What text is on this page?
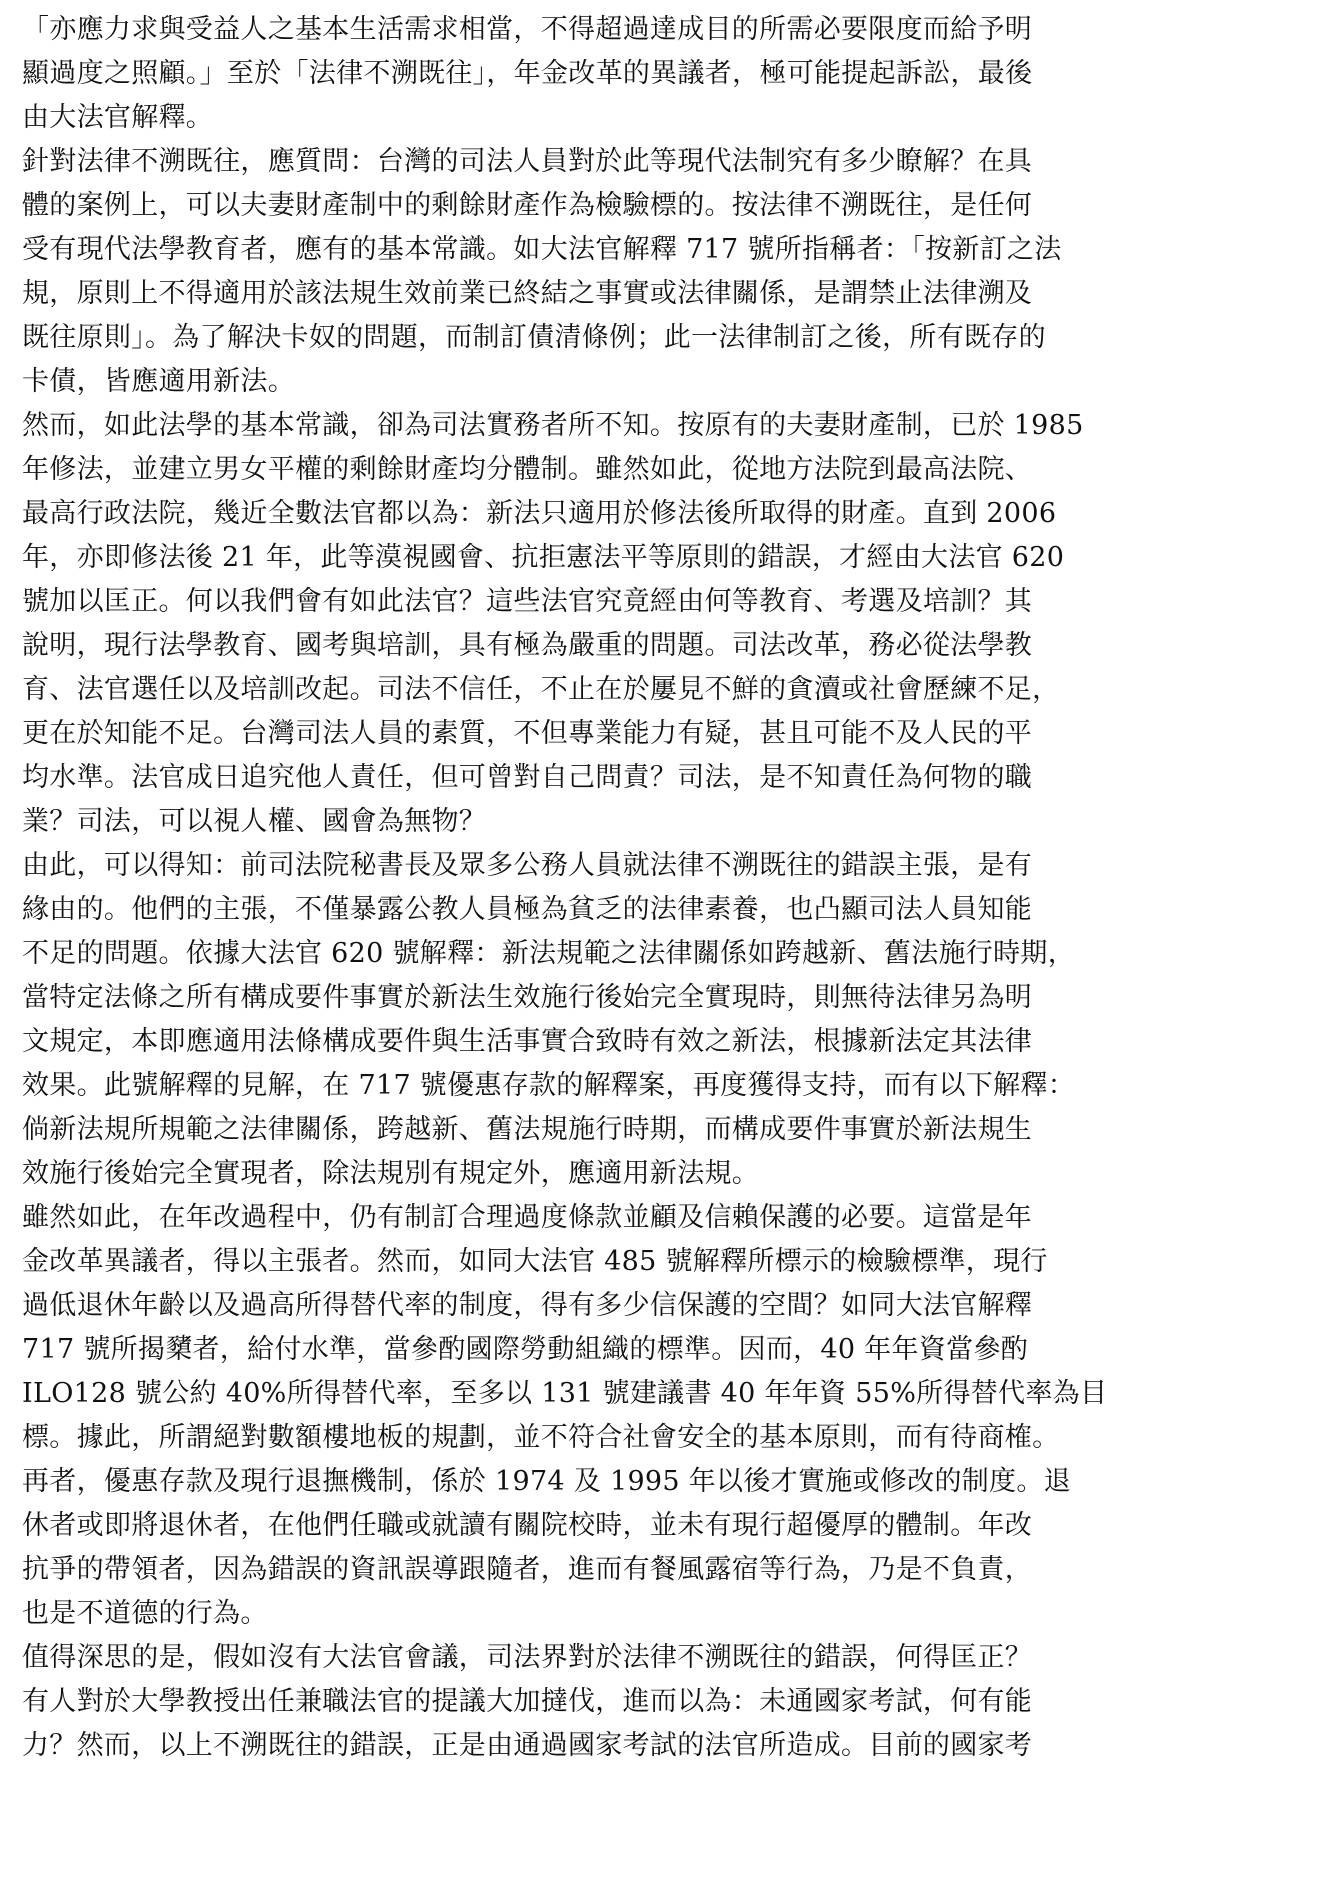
「亦應力求與受益人之基本生活需求相當，不得超過達成目的所需必要限度而給予明
顯過度之照顧。」至於「法律不溯既往」，年金改革的異議者，極可能提起訴訟，最後
由大法官解釋。
針對法律不溯既往，應質問：台灣的司法人員對於此等現代法制究有多少瞭解？在具
體的案例上，可以夫妻財產制中的剩餘財產作為檢驗標的。按法律不溯既往，是任何
受有現代法學教育者，應有的基本常識。如大法官解釋 717 號所指稱者：「按新訂之法
規，原則上不得適用於該法規生效前業已終結之事實或法律關係，是謂禁止法律溯及
既往原則」。為了解決卡奴的問題，而制訂債清條例；此一法律制訂之後，所有既存的
卡債，皆應適用新法。
然而，如此法學的基本常識，卻為司法實務者所不知。按原有的夫妻財產制，已於 1985
年修法，並建立男女平權的剩餘財產均分體制。雖然如此，從地方法院到最高法院、
最高行政法院，幾近全數法官都以為：新法只適用於修法後所取得的財產。直到 2006
年，亦即修法後 21 年，此等漠視國會、抗拒憲法平等原則的錯誤，才經由大法官 620
號加以匡正。何以我們會有如此法官？這些法官究竟經由何等教育、考選及培訓？其
說明，現行法學教育、國考與培訓，具有極為嚴重的問題。司法改革，務必從法學教
育、法官選任以及培訓改起。司法不信任，不止在於屢見不鮮的貪瀆或社會歷練不足，
更在於知能不足。台灣司法人員的素質，不但專業能力有疑，甚且可能不及人民的平
均水準。法官成日追究他人責任，但可曾對自己問責？司法，是不知責任為何物的職
業？司法，可以視人權、國會為無物？
由此，可以得知：前司法院秘書長及眾多公務人員就法律不溯既往的錯誤主張，是有
緣由的。他們的主張，不僅暴露公教人員極為貧乏的法律素養，也凸顯司法人員知能
不足的問題。依據大法官 620 號解釋：新法規範之法律關係如跨越新、舊法施行時期，
當特定法條之所有構成要件事實於新法生效施行後始完全實現時，則無待法律另為明
文規定，本即應適用法條構成要件與生活事實合致時有效之新法，根據新法定其法律
效果。此號解釋的見解，在 717 號優惠存款的解釋案，再度獲得支持，而有以下解釋：
倘新法規所規範之法律關係，跨越新、舊法規施行時期，而構成要件事實於新法規生
效施行後始完全實現者，除法規別有規定外，應適用新法規。
雖然如此，在年改過程中，仍有制訂合理過度條款並顧及信賴保護的必要。這當是年
金改革異議者，得以主張者。然而，如同大法官 485 號解釋所標示的檢驗標準，現行
過低退休年齡以及過高所得替代率的制度，得有多少信保護的空間？如同大法官解釋
717 號所揭櫫者，給付水準，當參酌國際勞動組織的標準。因而，40 年年資當參酌
ILO128 號公約 40%所得替代率，至多以 131 號建議書 40 年年資 55%所得替代率為目
標。據此，所謂絕對數額樓地板的規劃，並不符合社會安全的基本原則，而有待商榷。
再者，優惠存款及現行退撫機制，係於 1974 及 1995 年以後才實施或修改的制度。退
休者或即將退休者，在他們任職或就讀有關院校時，並未有現行超優厚的體制。年改
抗爭的帶領者，因為錯誤的資訊誤導跟隨者，進而有餐風露宿等行為，乃是不負責，
也是不道德的行為。
值得深思的是，假如沒有大法官會議，司法界對於法律不溯既往的錯誤，何得匡正？
有人對於大學教授出任兼職法官的提議大加撻伐，進而以為：未通國家考試，何有能
力？然而，以上不溯既往的錯誤，正是由通過國家考試的法官所造成。目前的國家考
